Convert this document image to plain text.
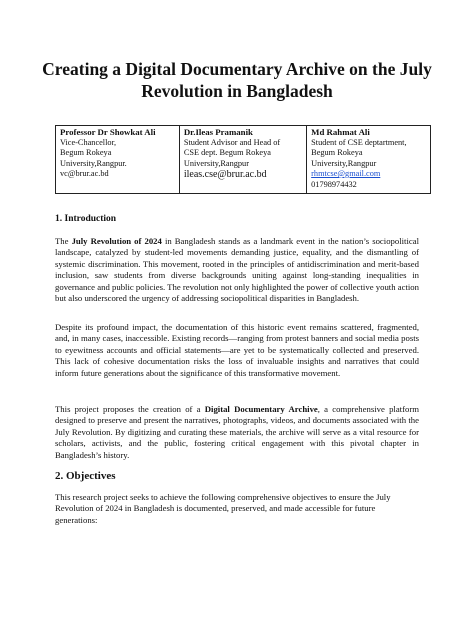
Creating a Digital Documentary Archive on the July Revolution in Bangladesh
Professor Dr Showkat Ali
Vice-Chancellor,
Begum Rokeya
University,Rangpur.
vc@brur.ac.bd

Dr.Ileas Pramanik
Student Advisor and Head of
CSE dept. Begum Rokeya
University,Rangpur
ileas.cse@brur.ac.bd

Md Rahmat Ali
Student of CSE deptartment,
Begum Rokeya
University,Rangpur
rhmtcse@gmail.com
01798974432
1. Introduction

The July Revolution of 2024 in Bangladesh stands as a landmark event in the nation’s sociopolitical landscape, catalyzed by student-led movements demanding justice, equality, and the dismantling of systemic discrimination. This movement, rooted in the principles of antidiscrimination and merit-based inclusion, saw students from diverse backgrounds uniting against long-standing inequalities in governance and public policies. The revolution not only highlighted the power of collective youth action but also underscored the urgency of addressing sociopolitical disparities in Bangladesh.

Despite its profound impact, the documentation of this historic event remains scattered, fragmented, and, in many cases, inaccessible. Existing records—ranging from protest banners and social media posts to eyewitness accounts and official statements—are yet to be systematically collected and preserved. This lack of cohesive documentation risks the loss of invaluable insights and narratives that could inform future generations about the significance of this transformative movement.

This project proposes the creation of a Digital Documentary Archive, a comprehensive platform designed to preserve and present the narratives, photographs, videos, and documents associated with the July Revolution. By digitizing and curating these materials, the archive will serve as a vital resource for scholars, activists, and the public, fostering critical engagement with this pivotal chapter in Bangladesh’s history.

2. Objectives

This research project seeks to achieve the following comprehensive objectives to ensure the July Revolution of 2024 in Bangladesh is documented, preserved, and made accessible for future generations:
